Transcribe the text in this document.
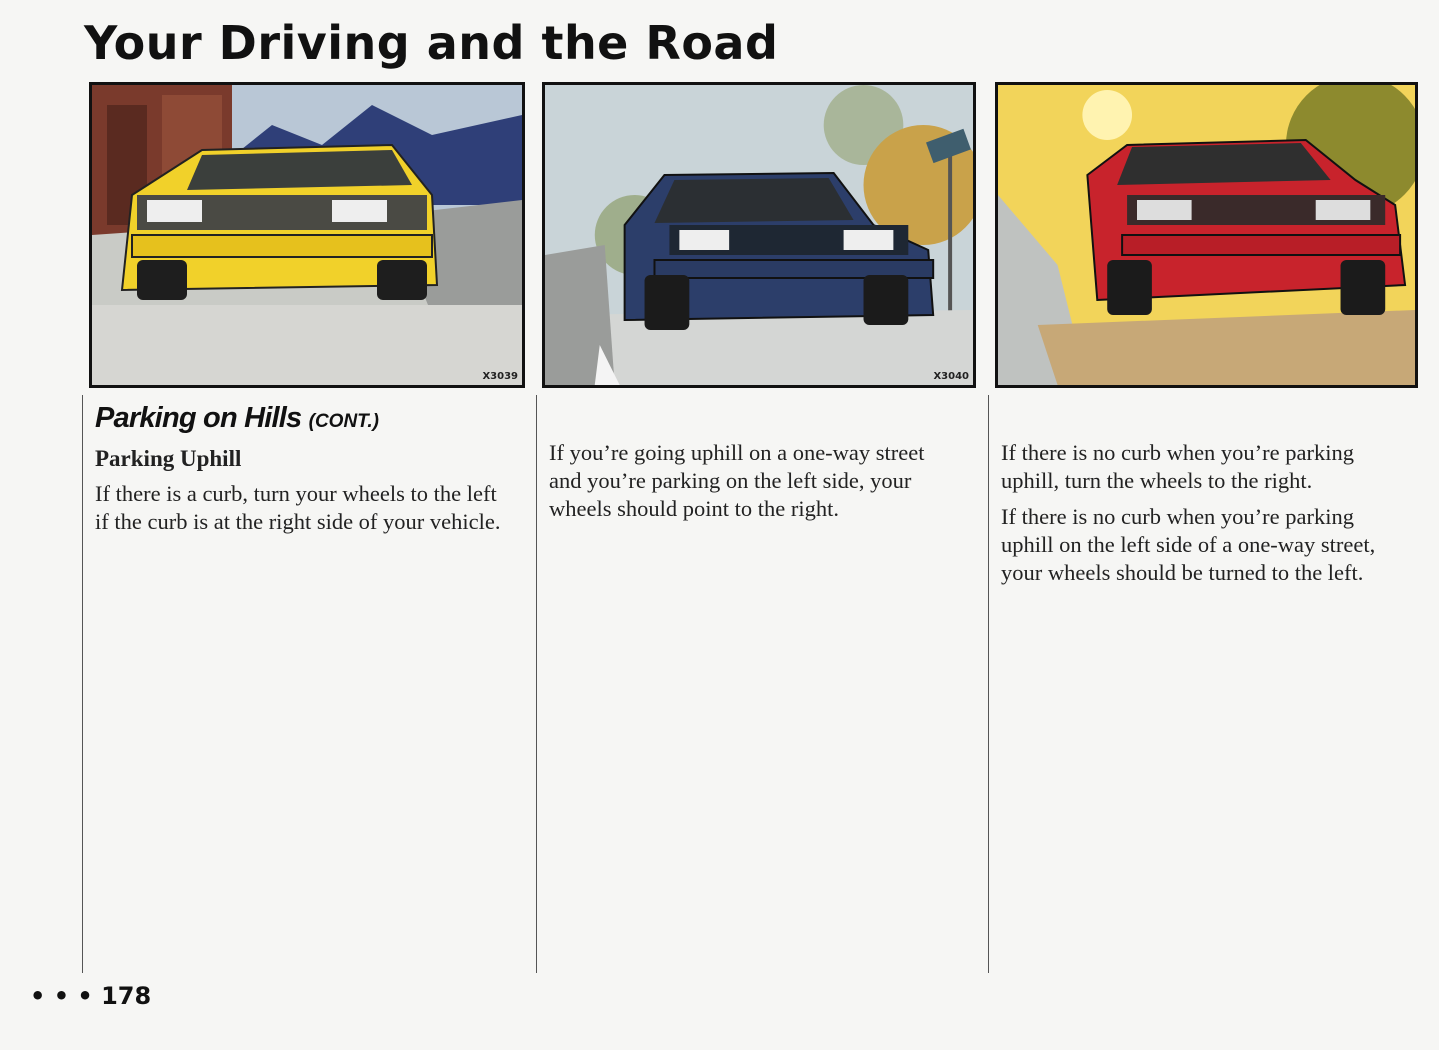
Your Driving and the Road
X3039	X3040
Parking on Hills (CONT.)
Parking Uphill

If there is a curb, turn your wheels to the left if the curb is at the right side of your vehicle.

If you’re going uphill on a one-way street and you’re parking on the left side, your wheels should point to the right.

If there is no curb when you’re parking uphill, turn the wheels to the right.

If there is no curb when you’re parking uphill on the left side of a one-way street, your wheels should be turned to the left.

• • • 178
